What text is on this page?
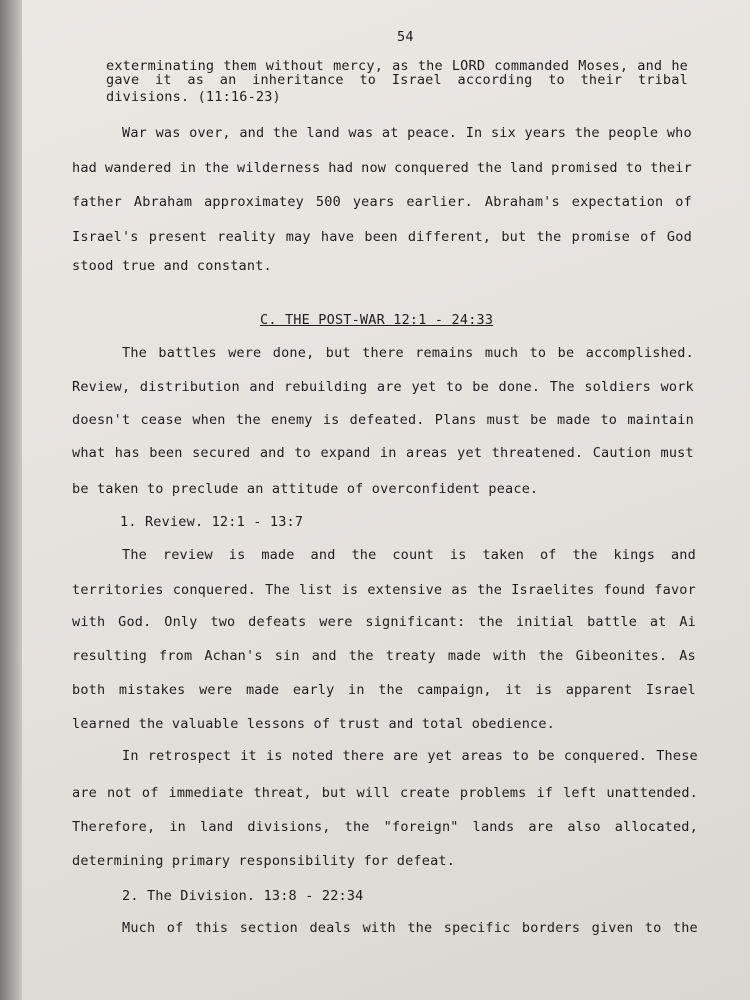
54

exterminating them without mercy, as the LORD commanded Moses, and he

gave it as an inheritance to Israel according to their tribal

divisions. (11:16-23)

War was over, and the land was at peace. In six years the people who

had wandered in the wilderness had now conquered the land promised to their

father Abraham approximatey 500 years earlier. Abraham's expectation of

Israel's present reality may have been different, but the promise of God

stood true and constant.

C. THE POST-WAR 12:1 - 24:33

The battles were done, but there remains much to be accomplished.

Review, distribution and rebuilding are yet to be done. The soldiers work

doesn't cease when the enemy is defeated. Plans must be made to maintain

what has been secured and to expand in areas yet threatened. Caution must

be taken to preclude an attitude of overconfident peace.

1. Review. 12:1 - 13:7

The review is made and the count is taken of the kings and

territories conquered. The list is extensive as the Israelites found favor

with God. Only two defeats were significant: the initial battle at Ai

resulting from Achan's sin and the treaty made with the Gibeonites. As

both mistakes were made early in the campaign, it is apparent Israel

learned the valuable lessons of trust and total obedience.

In retrospect it is noted there are yet areas to be conquered. These

are not of immediate threat, but will create problems if left unattended.

Therefore, in land divisions, the "foreign" lands are also allocated,

determining primary responsibility for defeat.

2. The Division. 13:8 - 22:34

Much of this section deals with the specific borders given to the
